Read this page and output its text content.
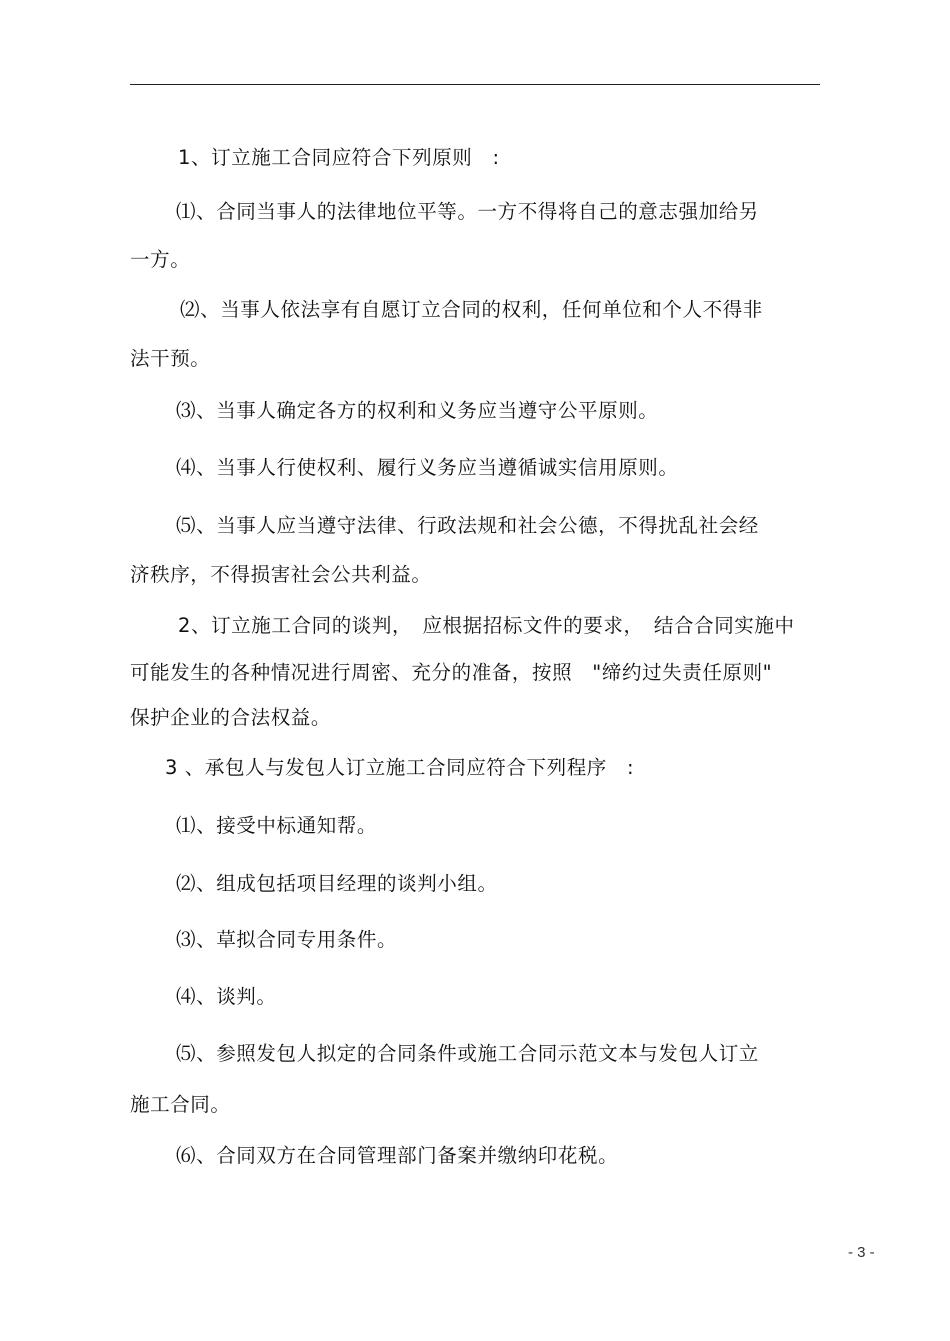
1、订立施工合同应符合下列原则　:
⑴、合同当事人的法律地位平等。一方不得将自己的意志强加给另
一方。
⑵、当事人依法享有自愿订立合同的权利，任何单位和个人不得非
法干预。
⑶、当事人确定各方的权利和义务应当遵守公平原则。
⑷、当事人行使权利、履行义务应当遵循诚实信用原则。
⑸、当事人应当遵守法律、行政法规和社会公德，不得扰乱社会经
济秩序，不得损害社会公共利益。
2、订立施工合同的谈判，　应根据招标文件的要求，　结合合同实施中
可能发生的各种情况进行周密、充分的准备，按照　"缔约过失责任原则"
保护企业的合法权益。
3 、承包人与发包人订立施工合同应符合下列程序　:
⑴、接受中标通知帮。
⑵、组成包括项目经理的谈判小组。
⑶、草拟合同专用条件。
⑷、谈判。
⑸、参照发包人拟定的合同条件或施工合同示范文本与发包人订立
施工合同。
⑹、合同双方在合同管理部门备案并缴纳印花税。
- 3 -
